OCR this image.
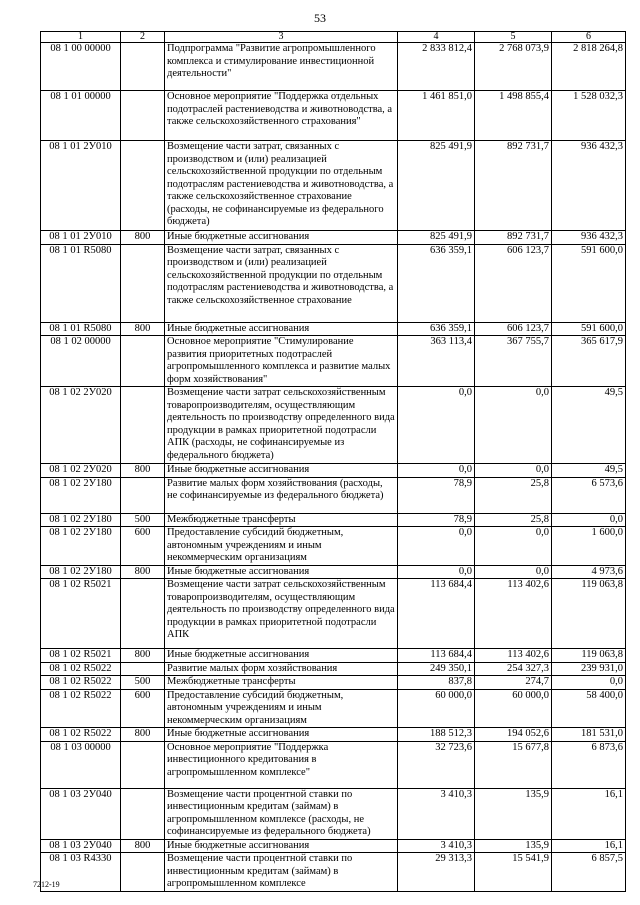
53
1	2	3	4	5	6
08 1 00 00000		Подпрограмма "Развитие агропромышленного комплекса и стимулирование инвестиционной деятельности"	2 833 812,4	2 768 073,9	2 818 264,8
08 1 01 00000		Основное мероприятие "Поддержка отдельных подотраслей растениеводства и животноводства, а также сельскохозяйственного страхования"	1 461 851,0	1 498 855,4	1 528 032,3
08 1 01 2У010		Возмещение части затрат, связанных с производством и (или) реализацией сельскохозяйственной продукции по отдельным подотраслям растениеводства и животноводства, а также сельскохозяйственное страхование (расходы, не софинансируемые из федерального бюджета)	825 491,9	892 731,7	936 432,3
08 1 01 2У010	800	Иные бюджетные ассигнования	825 491,9	892 731,7	936 432,3
08 1 01 R5080		Возмещение части затрат, связанных с производством и (или) реализацией сельскохозяйственной продукции по отдельным подотраслям растениеводства и животноводства, а также сельскохозяйственное страхование	636 359,1	606 123,7	591 600,0
08 1 01 R5080	800	Иные бюджетные ассигнования	636 359,1	606 123,7	591 600,0
08 1 02 00000		Основное мероприятие "Стимулирование развития приоритетных подотраслей агропромышленного комплекса и развитие малых форм хозяйствования"	363 113,4	367 755,7	365 617,9
08 1 02 2У020		Возмещение части затрат сельскохозяйственным товаропроизводителям, осуществляющим деятельность по производству определенного вида продукции в рамках приоритетной подотрасли АПК (расходы, не софинансируемые из федерального бюджета)	0,0	0,0	49,5
08 1 02 2У020	800	Иные бюджетные ассигнования	0,0	0,0	49,5
08 1 02 2У180		Развитие малых форм хозяйствования (расходы, не софинансируемые из федерального бюджета)	78,9	25,8	6 573,6
08 1 02 2У180	500	Межбюджетные трансферты	78,9	25,8	0,0
08 1 02 2У180	600	Предоставление субсидий бюджетным, автономным учреждениям и иным некоммерческим организациям	0,0	0,0	1 600,0
08 1 02 2У180	800	Иные бюджетные ассигнования	0,0	0,0	4 973,6
08 1 02 R5021		Возмещение части затрат сельскохозяйственным товаропроизводителям, осуществляющим деятельность по производству определенного вида продукции в рамках приоритетной подотрасли АПК	113 684,4	113 402,6	119 063,8
08 1 02 R5021	800	Иные бюджетные ассигнования	113 684,4	113 402,6	119 063,8
08 1 02 R5022		Развитие малых форм хозяйствования	249 350,1	254 327,3	239 931,0
08 1 02 R5022	500	Межбюджетные трансферты	837,8	274,7	0,0
08 1 02 R5022	600	Предоставление субсидий бюджетным, автономным учреждениям и иным некоммерческим организациям	60 000,0	60 000,0	58 400,0
08 1 02 R5022	800	Иные бюджетные ассигнования	188 512,3	194 052,6	181 531,0
08 1 03 00000		Основное мероприятие "Поддержка инвестиционного кредитования в агропромышленном комплексе"	32 723,6	15 677,8	6 873,6
08 1 03 2У040		Возмещение части процентной ставки по инвестиционным кредитам (займам) в агропромышленном комплексе (расходы, не софинансируемые из федерального бюджета)	3 410,3	135,9	16,1
08 1 03 2У040	800	Иные бюджетные ассигнования	3 410,3	135,9	16,1
08 1 03 R4330		Возмещение части процентной ставки по инвестиционным кредитам (займам) в агропромышленном комплексе	29 313,3	15 541,9	6 857,5
7212-19
